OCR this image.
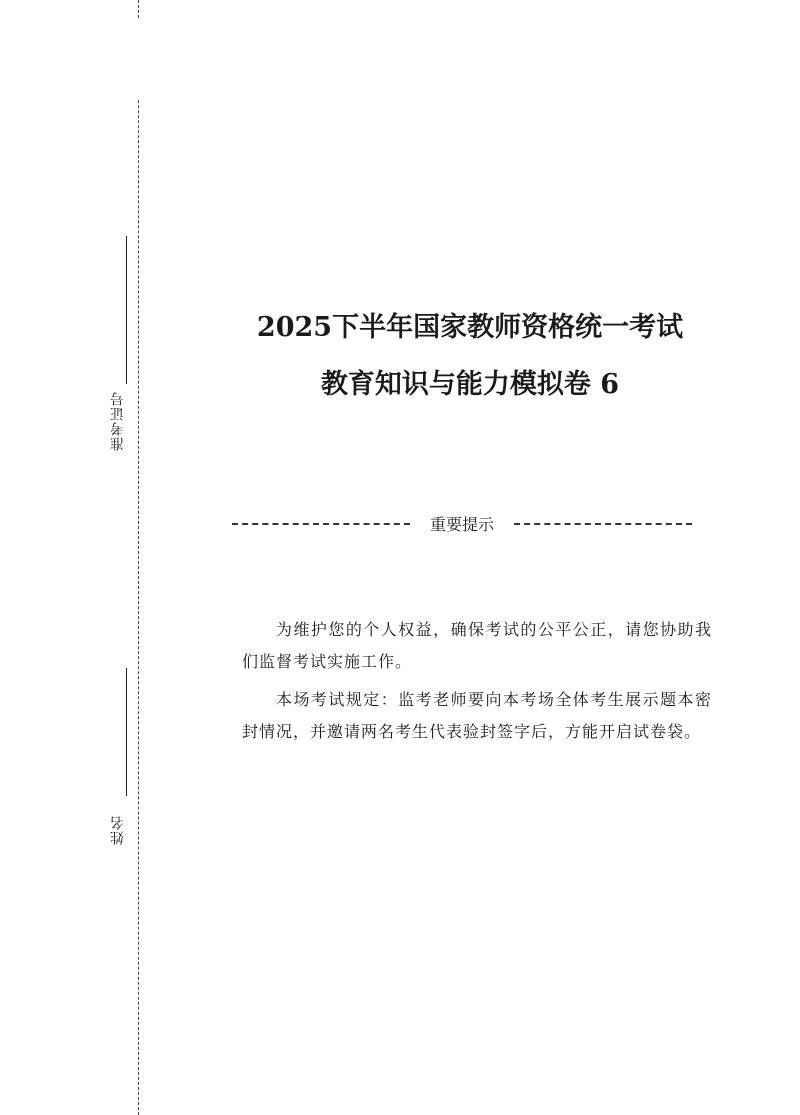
准考证号
姓名
2025下半年国家教师资格统一考试
教育知识与能力模拟卷 6
重要提示

为维护您的个人权益，确保考试的公平公正，请您协助我们监督考试实施工作。

本场考试规定：监考老师要向本考场全体考生展示题本密封情况，并邀请两名考生代表验封签字后，方能开启试卷袋。
